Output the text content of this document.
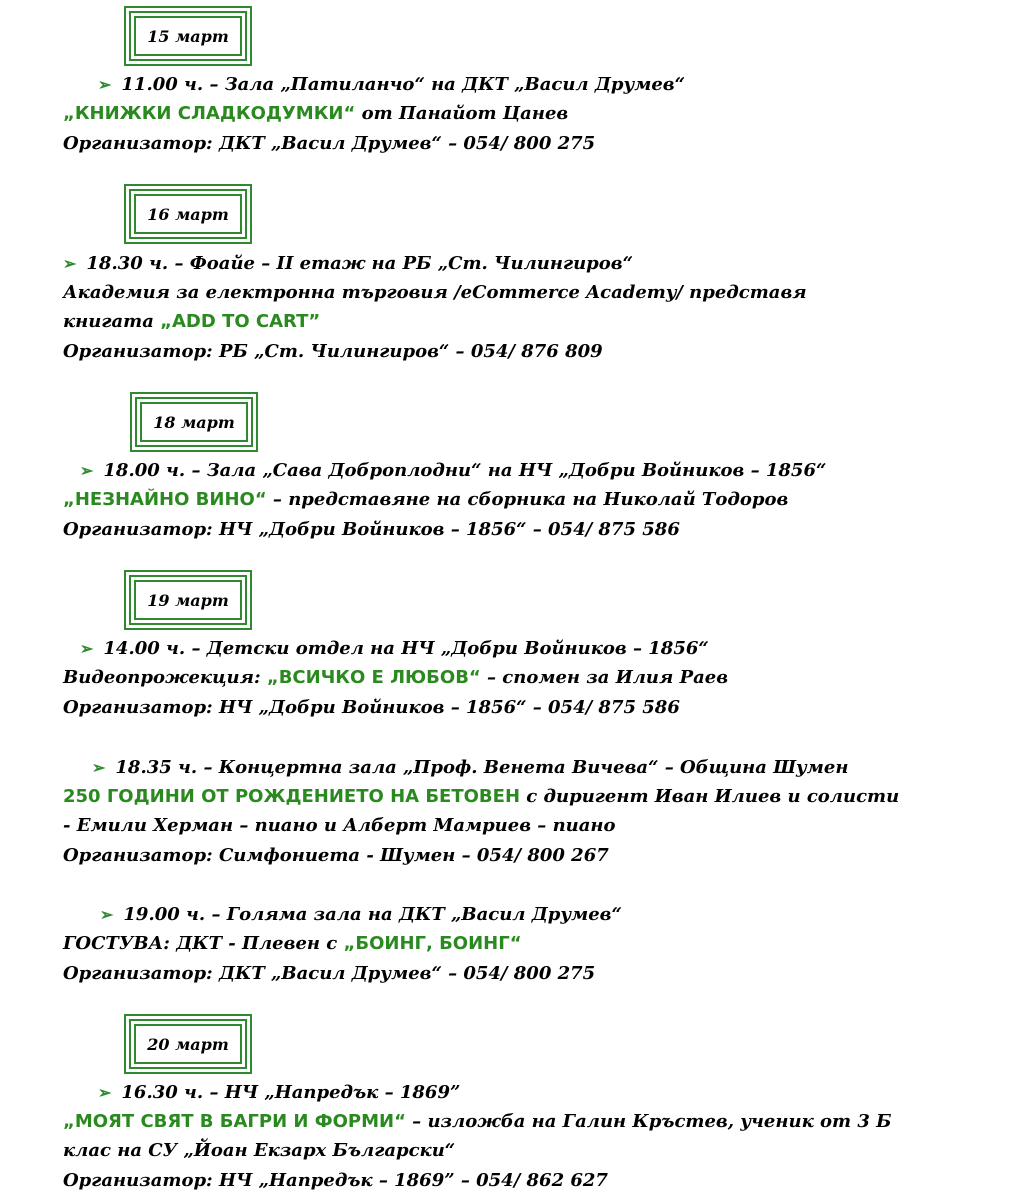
15 март
➢ 11.00 ч. – Зала „Патиланчо“ на ДКТ „Васил Друмев“
„КНИЖКИ СЛАДКОДУМКИ“ от Панайот Цанев
Организатор: ДКТ „Васил Друмев“ – 054/ 800 275
16 март
➢ 18.30 ч. – Фоайе – II етаж на РБ „Ст. Чилингиров“
Академия за електронна търговия /eCommerce Academy/ представя
книгата „ADD TO CART”
Организатор: РБ „Ст. Чилингиров“ – 054/ 876 809
18 март
➢ 18.00 ч. – Зала „Сава Доброплодни“ на НЧ „Добри Войников – 1856“
„НЕЗНАЙНО ВИНО“ – представяне на сборника на Николай Тодоров
Организатор: НЧ „Добри Войников – 1856“ – 054/ 875 586
19 март
➢ 14.00 ч. – Детски отдел на НЧ „Добри Войников – 1856“
Видеопрожекция: „ВСИЧКО Е ЛЮБОВ“ – спомен за Илия Раев
Организатор: НЧ „Добри Войников – 1856“ – 054/ 875 586
➢ 18.35 ч. – Концертна зала „Проф. Венета Вичева“ – Община Шумен
250 ГОДИНИ ОТ РОЖДЕНИЕТО НА БЕТОВЕН с диригент Иван Илиев и солисти
- Емили Херман – пиано и Алберт Мамриев – пиано
Организатор: Симфониета - Шумен – 054/ 800 267
➢ 19.00 ч. – Голяма зала на ДКТ „Васил Друмев“
ГОСТУВА: ДКТ - Плевен с „БОИНГ, БОИНГ“
Организатор: ДКТ „Васил Друмев“ – 054/ 800 275
20 март
➢ 16.30 ч. – НЧ „Напредък – 1869”
„МОЯТ СВЯТ В БАГРИ И ФОРМИ“ – изложба на Галин Кръстев, ученик от 3 Б
клас на СУ „Йоан Екзарх Български“
Организатор: НЧ „Напредък – 1869” – 054/ 862 627
